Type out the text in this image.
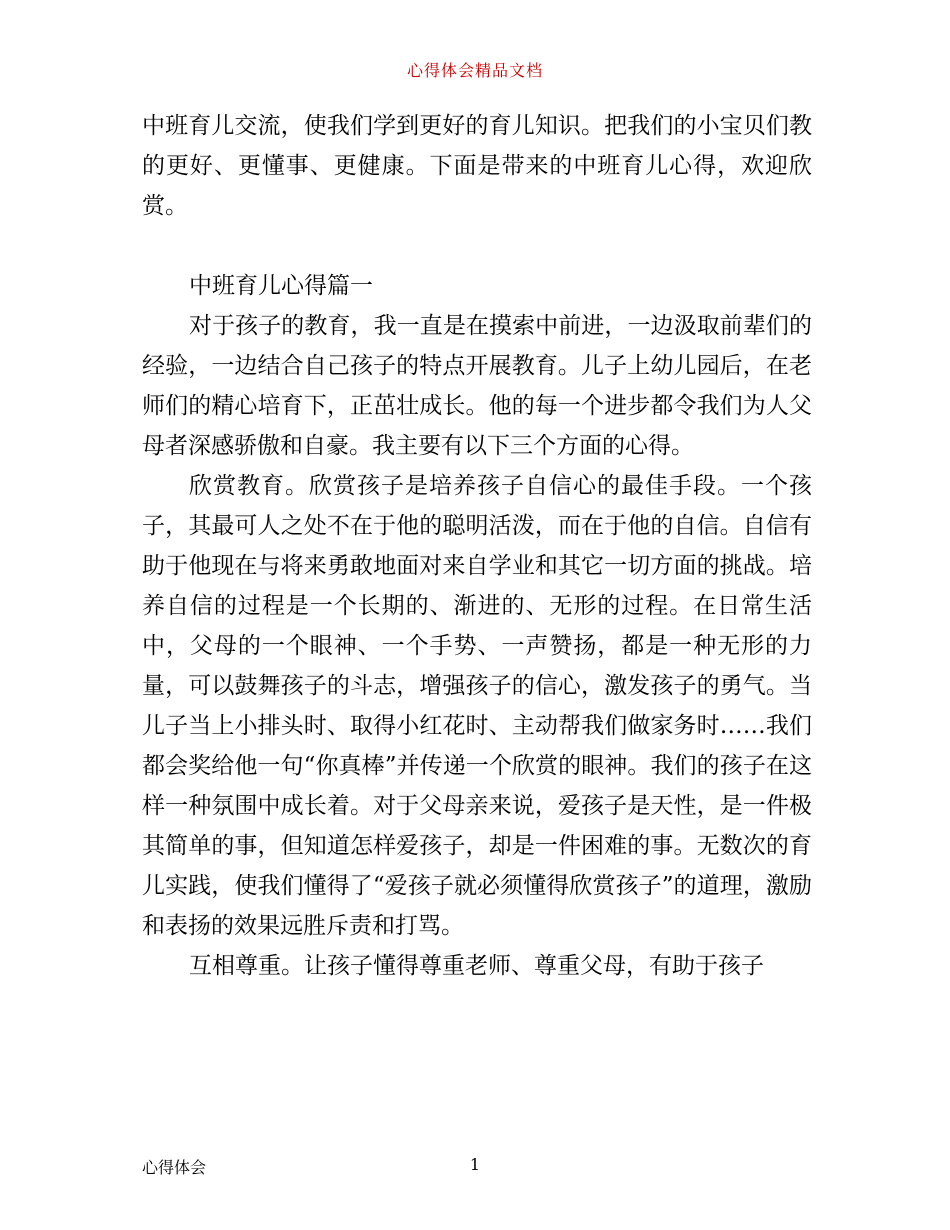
心得体会精品文档

中班育儿交流，使我们学到更好的育儿知识。把我们的小宝贝们教的更好、更懂事、更健康。下面是带来的中班育儿心得，欢迎欣赏。

中班育儿心得篇一

对于孩子的教育，我一直是在摸索中前进，一边汲取前辈们的经验，一边结合自己孩子的特点开展教育。儿子上幼儿园后，在老师们的精心培育下，正茁壮成长。他的每一个进步都令我们为人父母者深感骄傲和自豪。我主要有以下三个方面的心得。

欣赏教育。欣赏孩子是培养孩子自信心的最佳手段。一个孩子，其最可人之处不在于他的聪明活泼，而在于他的自信。自信有助于他现在与将来勇敢地面对来自学业和其它一切方面的挑战。培养自信的过程是一个长期的、渐进的、无形的过程。在日常生活中，父母的一个眼神、一个手势、一声赞扬，都是一种无形的力量，可以鼓舞孩子的斗志，增强孩子的信心，激发孩子的勇气。当儿子当上小排头时、取得小红花时、主动帮我们做家务时……我们都会奖给他一句“你真棒”并传递一个欣赏的眼神。我们的孩子在这样一种氛围中成长着。对于父母亲来说，爱孩子是天性，是一件极其简单的事，但知道怎样爱孩子，却是一件困难的事。无数次的育儿实践，使我们懂得了“爱孩子就必须懂得欣赏孩子”的道理，激励和表扬的效果远胜斥责和打骂。

互相尊重。让孩子懂得尊重老师、尊重父母，有助于孩子

心得体会	1
